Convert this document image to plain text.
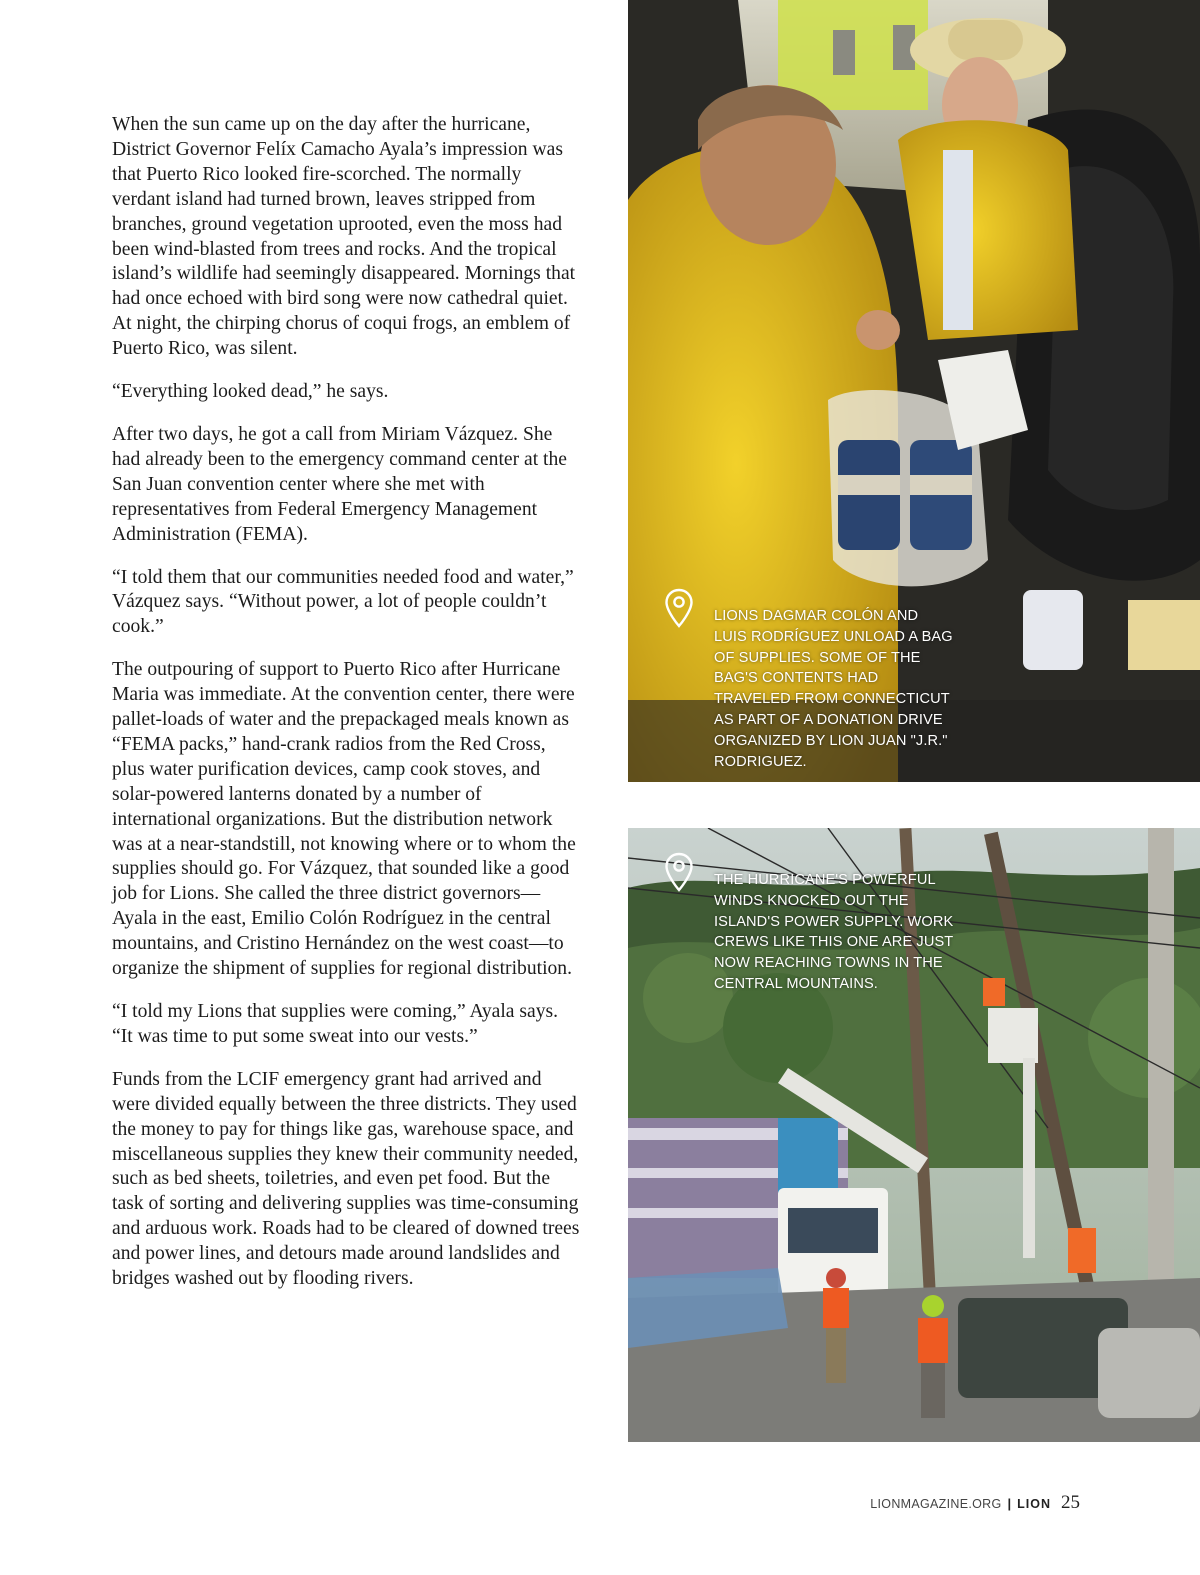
When the sun came up on the day after the hurricane, District Governor Felíx Camacho Ayala’s impression was that Puerto Rico looked fire-scorched. The normally verdant island had turned brown, leaves stripped from branches, ground vegetation uprooted, even the moss had been wind-blasted from trees and rocks. And the tropical island’s wildlife had seemingly disappeared. Mornings that had once echoed with bird song were now cathedral quiet. At night, the chirping chorus of coqui frogs, an emblem of Puerto Rico, was silent.

“Everything looked dead,” he says.

After two days, he got a call from Miriam Vázquez. She had already been to the emergency command center at the San Juan convention center where she met with representatives from Federal Emergency Management Administration (FEMA).

“I told them that our communities needed food and water,” Vázquez says. “Without power, a lot of people couldn’t cook.”

The outpouring of support to Puerto Rico after Hurricane Maria was immediate. At the convention center, there were pallet-loads of water and the prepackaged meals known as “FEMA packs,” hand-crank radios from the Red Cross, plus water purification devices, camp cook stoves, and solar-powered lanterns donated by a number of international organizations. But the distribution network was at a near-standstill, not knowing where or to whom the supplies should go. For Vázquez, that sounded like a good job for Lions. She called the three district governors—Ayala in the east, Emilio Colón Rodríguez in the central mountains, and Cristino Hernández on the west coast—to organize the shipment of supplies for regional distribution.

“I told my Lions that supplies were coming,” Ayala says. “It was time to put some sweat into our vests.”

Funds from the LCIF emergency grant had arrived and were divided equally between the three districts. They used the money to pay for things like gas, warehouse space, and miscellaneous supplies they knew their community needed, such as bed sheets, toiletries, and even pet food. But the task of sorting and delivering supplies was time-consuming and arduous work. Roads had to be cleared of downed trees and power lines, and detours made around landslides and bridges washed out by flooding rivers.

LIONS DAGMAR COLÓN AND LUIS RODRÍGUEZ UNLOAD A BAG OF SUPPLIES. SOME OF THE BAG'S CONTENTS HAD TRAVELED FROM CONNECTICUT AS PART OF A DONATION DRIVE ORGANIZED BY LION JUAN "J.R." RODRIGUEZ.
THE HURRICANE'S POWERFUL WINDS KNOCKED OUT THE ISLAND'S POWER SUPPLY. WORK CREWS LIKE THIS ONE ARE JUST NOW REACHING TOWNS IN THE CENTRAL MOUNTAINS.
LIONMAGAZINE.ORG | LION 25
